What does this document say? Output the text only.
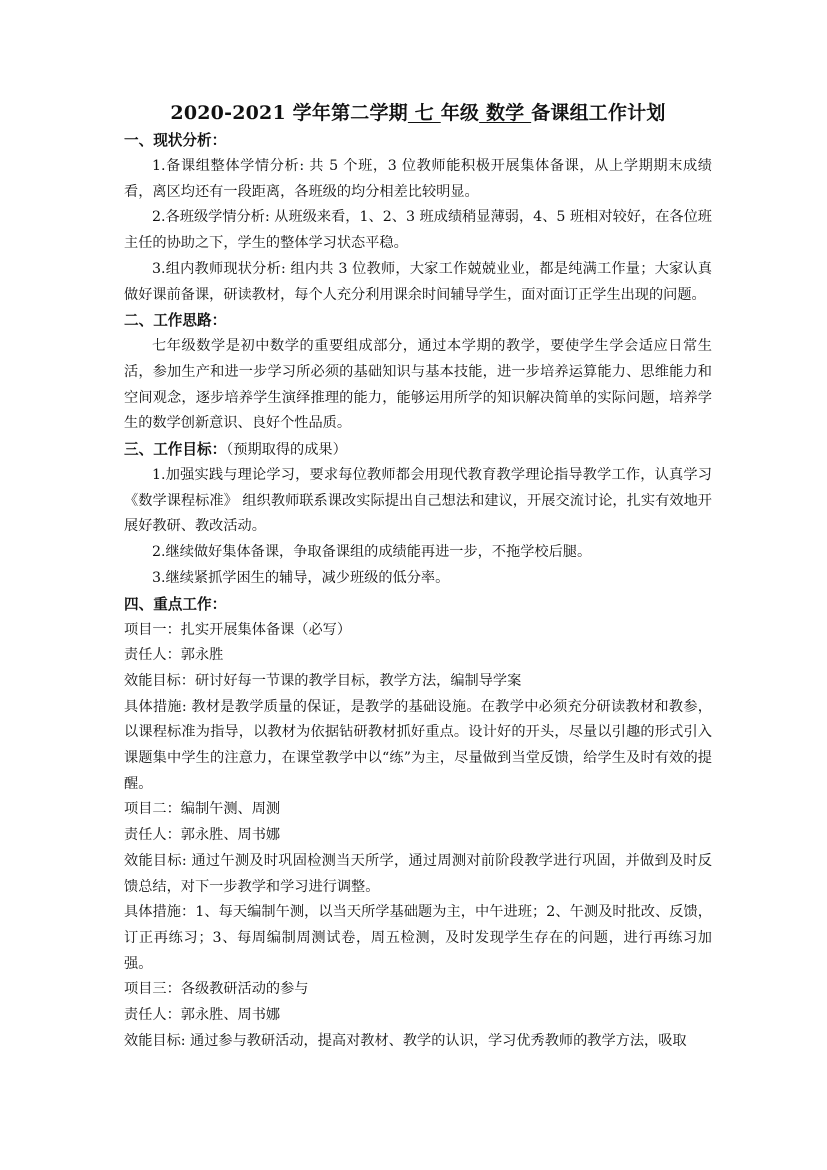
2020-2021 学年第二学期 七 年级 数学 备课组工作计划
一、现状分析：

1.备课组整体学情分析: 共 5 个班，3 位教师能积极开展集体备课，从上学期期末成绩看，离区均还有一段距离，各班级的均分相差比较明显。

2.各班级学情分析: 从班级来看，1、2、3 班成绩稍显薄弱，4、5 班相对较好，在各位班主任的协助之下，学生的整体学习状态平稳。

3.组内教师现状分析: 组内共 3 位教师，大家工作兢兢业业，都是纯满工作量；大家认真做好课前备课，研读教材，每个人充分利用课余时间辅导学生，面对面订正学生出现的问题。

二、工作思路：

七年级数学是初中数学的重要组成部分，通过本学期的教学，要使学生学会适应日常生活，参加生产和进一步学习所必须的基础知识与基本技能，进一步培养运算能力、思维能力和空间观念，逐步培养学生演绎推理的能力，能够运用所学的知识解决简单的实际问题，培养学生的数学创新意识、良好个性品质。

三、工作目标：（预期取得的成果）

1.加强实践与理论学习，要求每位教师都会用现代教育教学理论指导教学工作，认真学习《数学课程标准》 组织教师联系课改实际提出自己想法和建议，开展交流讨论，扎实有效地开展好教研、教改活动。

2.继续做好集体备课，争取备课组的成绩能再进一步，不拖学校后腿。

3.继续紧抓学困生的辅导，减少班级的低分率。

四、重点工作：
项目一：扎实开展集体备课（必写）
责任人：郭永胜
效能目标：研讨好每一节课的教学目标，教学方法，编制导学案

具体措施: 教材是教学质量的保证，是教学的基础设施。在教学中必须充分研读教材和教参，以课程标准为指导，以教材为依据钻研教材抓好重点。设计好的开头，尽量以引趣的形式引入课题集中学生的注意力，在课堂教学中以“练”为主，尽量做到当堂反馈，给学生及时有效的提醒。

项目二：编制午测、周测
责任人：郭永胜、周书娜

效能目标: 通过午测及时巩固检测当天所学，通过周测对前阶段教学进行巩固，并做到及时反馈总结，对下一步教学和学习进行调整。

具体措施：1、每天编制午测，以当天所学基础题为主，中午进班；2、午测及时批改、反馈，订正再练习；3、每周编制周测试卷，周五检测，及时发现学生存在的问题，进行再练习加强。

项目三：各级教研活动的参与
责任人：郭永胜、周书娜
效能目标: 通过参与教研活动，提高对教材、教学的认识，学习优秀教师的教学方法，吸取
